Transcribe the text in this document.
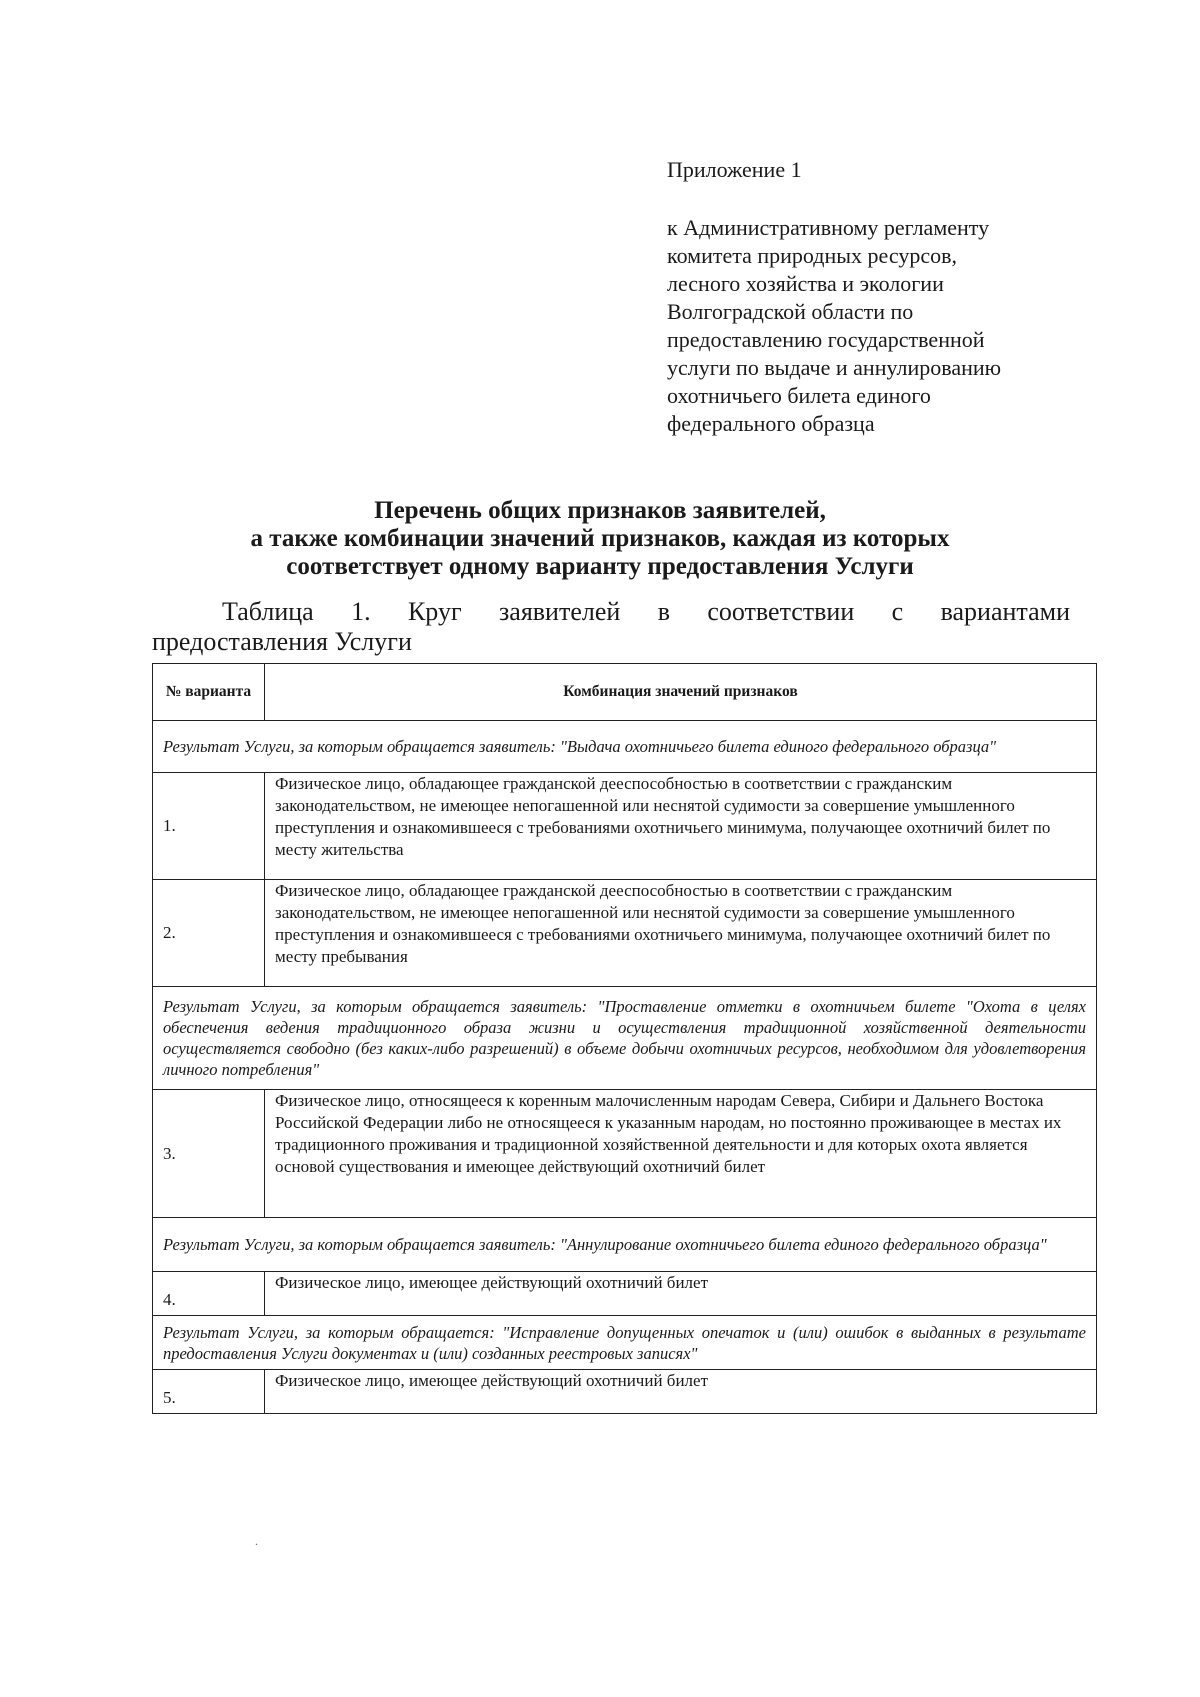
Приложение 1
к Административному регламенту
комитета природных ресурсов,
лесного хозяйства и экологии
Волгоградской области по
предоставлению государственной
услуги по выдаче и аннулированию
охотничьего билета единого
федерального образца
Перечень общих признаков заявителей,
а также комбинации значений признаков, каждая из которых
соответствует одному варианту предоставления Услуги
Таблица 1. Круг заявителей в соответствии с вариантами
предоставления Услуги
№ варианта	Комбинация значений признаков
Результат Услуги, за которым обращается заявитель: "Выдача охотничьего билета единого федерального образца"	
1.	Физическое лицо, обладающее гражданской дееспособностью в соответствии с гражданским законодательством, не имеющее непогашенной или неснятой судимости за совершение умышленного преступления и ознакомившееся с требованиями охотничьего минимума, получающее охотничий билет по месту жительства
2.	Физическое лицо, обладающее гражданской дееспособностью в соответствии с гражданским законодательством, не имеющее непогашенной или неснятой судимости за совершение умышленного преступления и ознакомившееся с требованиями охотничьего минимума, получающее охотничий билет по месту пребывания
Результат Услуги, за которым обращается заявитель: "Проставление отметки в охотничьем билете "Охота в целях обеспечения ведения традиционного образа жизни и осуществления традиционной хозяйственной деятельности осуществляется свободно (без каких-либо разрешений) в объеме добычи охотничьих ресурсов, необходимом для удовлетворения личного потребления"	
3.	Физическое лицо, относящееся к коренным малочисленным народам Севера, Сибири и Дальнего Востока Российской Федерации либо не относящееся к указанным народам, но постоянно проживающее в местах их традиционного проживания и традиционной хозяйственной деятельности и для которых охота является основой существования и имеющее действующий охотничий билет
Результат Услуги, за которым обращается заявитель: "Аннулирование охотничьего билета единого федерального образца"	
4.	Физическое лицо, имеющее действующий охотничий билет
Результат Услуги, за которым обращается: "Исправление допущенных опечаток и (или) ошибок в выданных в результате предоставления Услуги документах и (или) созданных реестровых записях"	
5.	Физическое лицо, имеющее действующий охотничий билет
.
